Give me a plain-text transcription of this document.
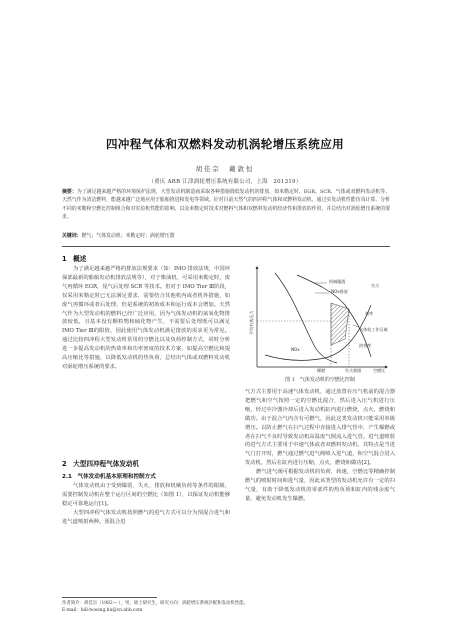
四冲程气体和双燃料发动机涡轮增压系统应用
胡佳宗　戴敦恒
（重庆 ABB 江津涡轮增压系统有限公司，上海　201319）
摘要：为了满足越来越严格的环境保护法规，大型发动机制造商采取各种措施降低发动机的排放，如米勒定时、EGR、SCR、气体或双燃料发动机等。天然气作为清洁燃料，能越来越广泛地应用于船舶推进和发电等领域。针对目前天然气的四冲程气体和双燃料发动机，通过实发动机性能仿真计算，分析不同的米勒和空燃比控制组合和对实验机性能的影响，以及米勒定时技术对燃料气体和双燃料发动机经济性和排放的作用，并总结出对涡轮增压系统的要求。
关键词：燃气；气体发动机；米勒定时；涡轮增压器
1　概述

为了满足越来越严格的排放法规要求（如：IMO 排放法规，中国环保部最新的船舶发动机排放法规等），对于柴油机，可采用米勒定时，废气再循环 EGR，尾气后处理 SCR 等技术。但对于 IMO Tier Ⅲ阶段，仅采用米勒定时已无法满足要求，需要结合其他机内或者机外措施，如废气再循环或者后处理，但是系统的初始成本和运行成本会增加。天然气作为大型发动机的燃料已经广泛应用，因为气体发动机的氮氧化物排放较低，且基本没有颗粒物和硫化物产生，不需要后处理既可以满足 IMO Tier Ⅲ的限值，因此使用气体发动机满足排放的需求更为常见。通过比较四冲程大型发动机常用的空燃比以及负荷控制方式，同时分析进一步提高发动机的热效率和功率密度的技术方案，如提高空燃比和提高压缩比等措施，以降低发动机的热负荷，总结出气体或双燃料发动机对涡轮增压系统的要求。

2　大型四冲程气体发动机
2.1　气体发动机基本原理和控制方式

气体发动机由于受到爆震、失火、排放和机械负荷等条件的限制，需要控制发动机在整个运行区间的空燃比（如图 1），以保证发动机能够稳定可靠地运行[1]。

大型四冲程气体发动机按照燃气的进气方式可以分为预混合进气和进气道喷射两种。预混合进

机械爆震
NOx排放
失火
气体机工作区域
热效率
NOx
效率
稀燃	失火极限	空燃比
平均有效压力
图 1　气体发动机的空燃比控制

气方式主要用于高速气体发动机，通过放置在压气机前的混合器把燃气和空气按照一定的空燃比混合，然后进入压气机进行压缩，经过中冷器冷却后进入发动机缸内进行燃烧，点火，燃烧和做功。由于混合气内含有可燃气，因此这类发动机只能采用单级增压。以防止燃气在扫气过程中直接进入排气管中，产生爆燃或者在扫气不良时导致发动机高温废气倒流入进气管。进气道喷射的进气方式主要用于中速气体或者双燃料发动机，其特点是当进气门打开时，燃气通过燃气进气阀喷入进气道，和空气混合进入发动机，然后在缸内进行压缩，点火，燃烧和做功[2]。

燃气进气阀可根据发动机的负荷，转速，空燃比等精确控制燃气的喷射时间和进气量，因此该类型的发动机允许有一定的扫气量，有助于降低发动机的零部件的热负荷和缸内的残余废气量，避免发动机发生爆燃。

作者简介：胡佳宗（1982— ），男，硕士研究生，研究方向：涡轮增压系统匹配和发动机性能。
E-mail：bill-hoosng.hu@cn.abb.com
